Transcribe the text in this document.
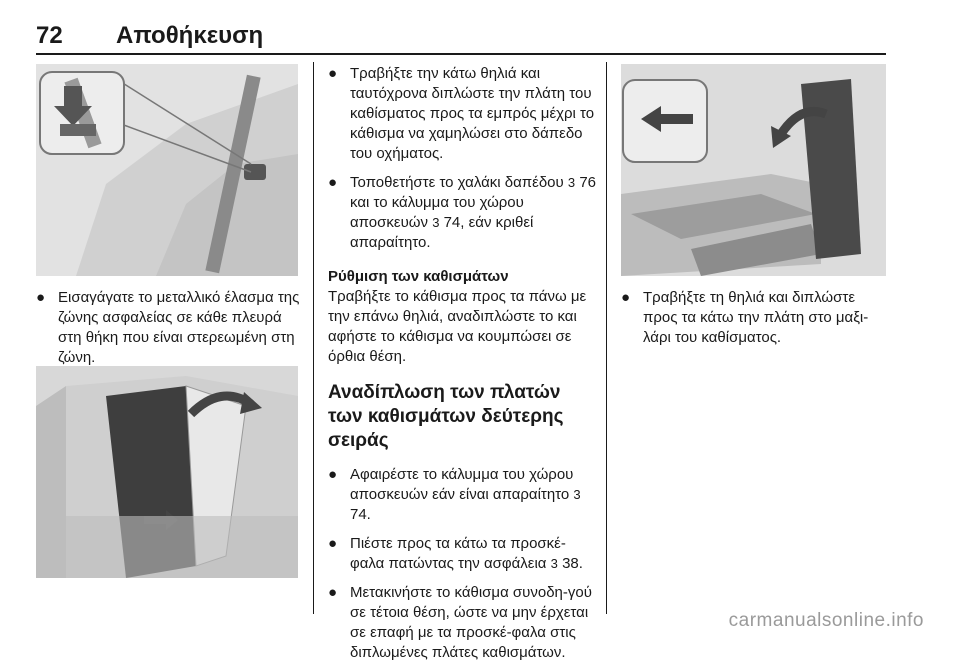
72 Αποθήκευση
● Εισαγάγατε το μεταλλικό έλασμα της ζώνης ασφαλείας σε κάθε πλευρά στη θήκη που είναι στερεωμένη στη ζώνη.
● Τραβήξτε την κάτω θηλιά και ταυτόχρονα διπλώστε την πλάτη του καθίσματος προς τα εμπρός μέχρι το κάθισμα να χαμηλώσει στο δάπεδο του οχήματος.
● Τοποθετήστε το χαλάκι δαπέδου 3 76 και το κάλυμμα του χώρου αποσκευών 3 74, εάν κριθεί απαραίτητο.

Ρύθμιση των καθισμάτων

Τραβήξτε το κάθισμα προς τα πάνω με την επάνω θηλιά, αναδιπλώστε το και αφήστε το κάθισμα να κουμπώσει σε όρθια θέση.

Αναδίπλωση των πλατών των καθισμάτων δεύτερης σειράς
● Αφαιρέστε το κάλυμμα του χώρου αποσκευών εάν είναι απαραίτητο 3 74.
● Πιέστε προς τα κάτω τα προσκέ-φαλα πατώντας την ασφάλεια 3 38.
● Μετακινήστε το κάθισμα συνοδη-γού σε τέτοια θέση, ώστε να μην έρχεται σε επαφή με τα προσκέ-φαλα στις διπλωμένες πλάτες καθισμάτων.
● Τραβήξτε τη θηλιά και διπλώστε προς τα κάτω την πλάτη στο μαξι-λάρι του καθίσματος.
carmanualsonline.info
